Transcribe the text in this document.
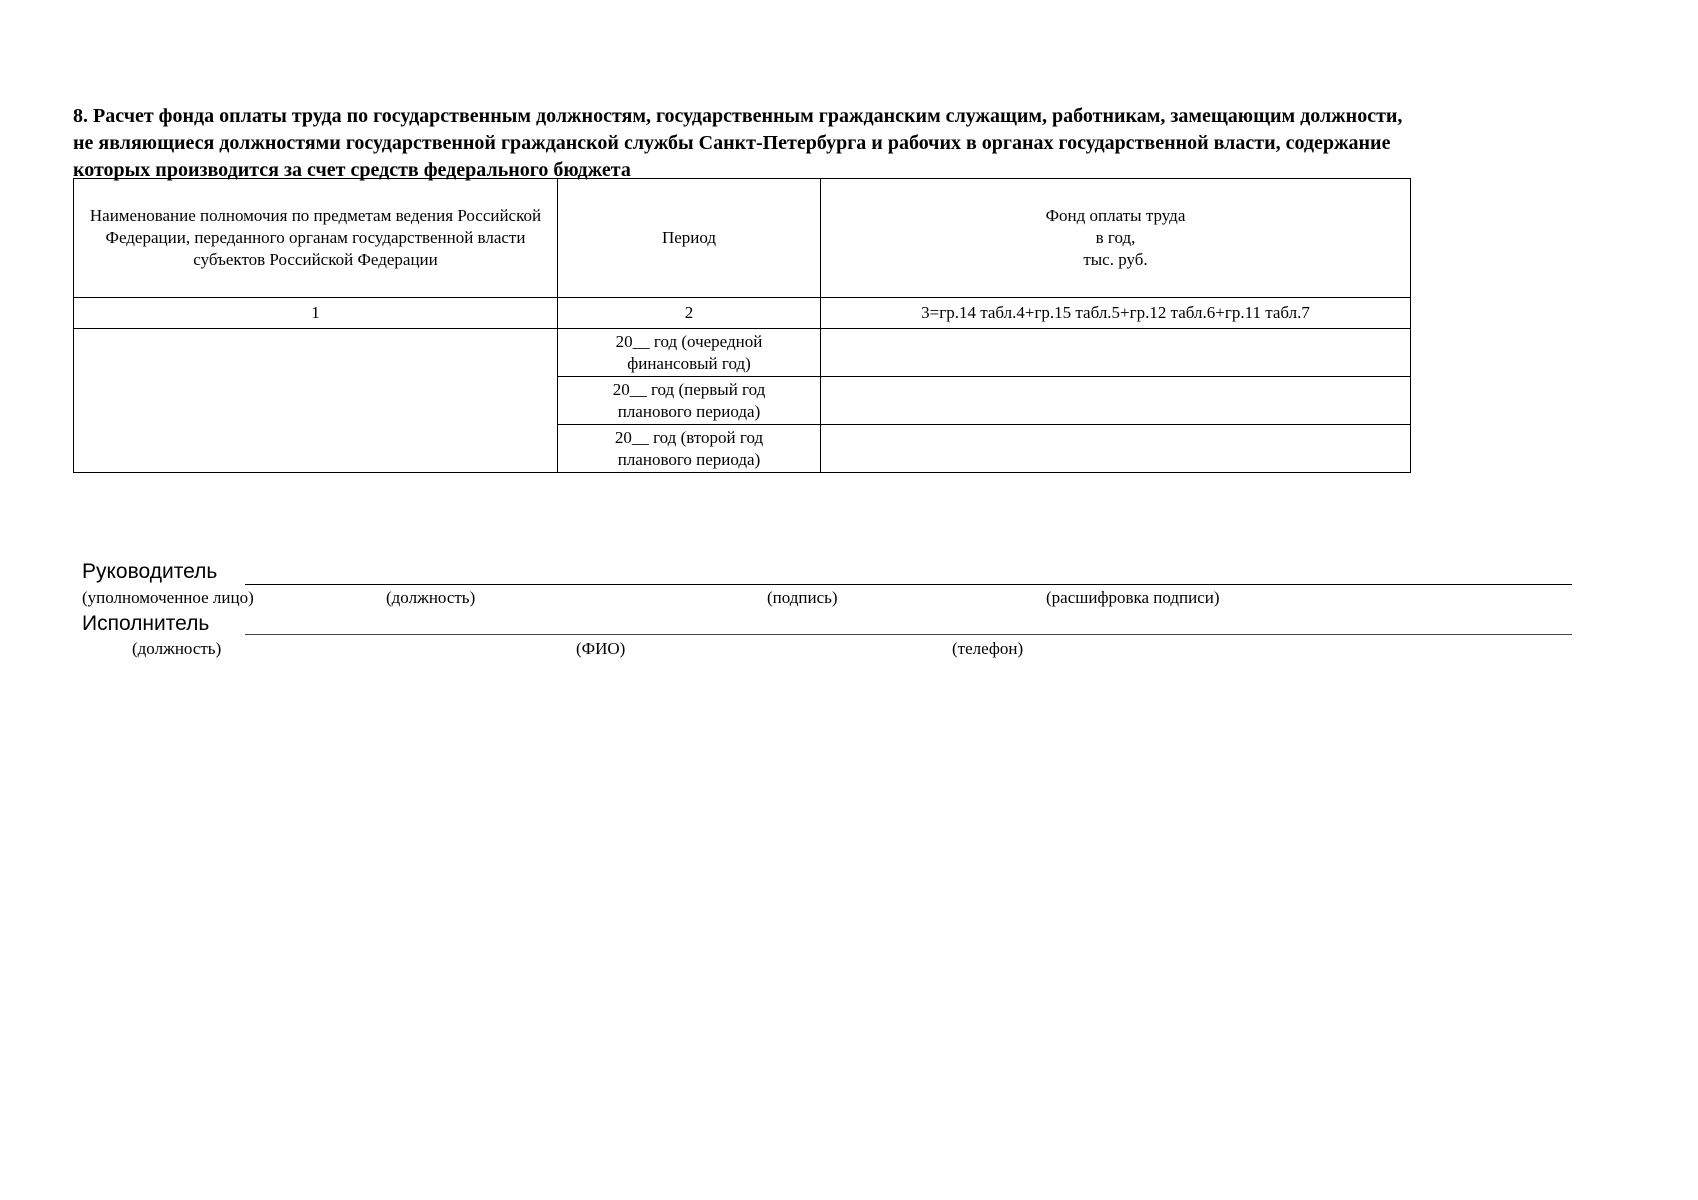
8. Расчет фонда оплаты труда по государственным должностям, государственным гражданским служащим, работникам, замещающим должности,
не являющиеся должностями государственной гражданской службы Санкт-Петербурга и рабочих в органах государственной власти, содержание
которых производится за счет средств федерального бюджета
Наименование полномочия по предметам ведения Российской Федерации, переданного органам государственной власти субъектов Российской Федерации	Период	Фонд оплаты труда
в год,
тыс. руб.

1	2	3=гр.14 табл.4+гр.15 табл.5+гр.12 табл.6+гр.11 табл.7

	20__ год (очередной
финансовый год)	

	20__ год (первый год
планового периода)	

	20__ год (второй год
планового периода)	

Руководитель
(уполномоченное лицо)	(должность)	(подпись)	(расшифровка подписи)
Исполнитель
(должность)	(ФИО)	(телефон)
